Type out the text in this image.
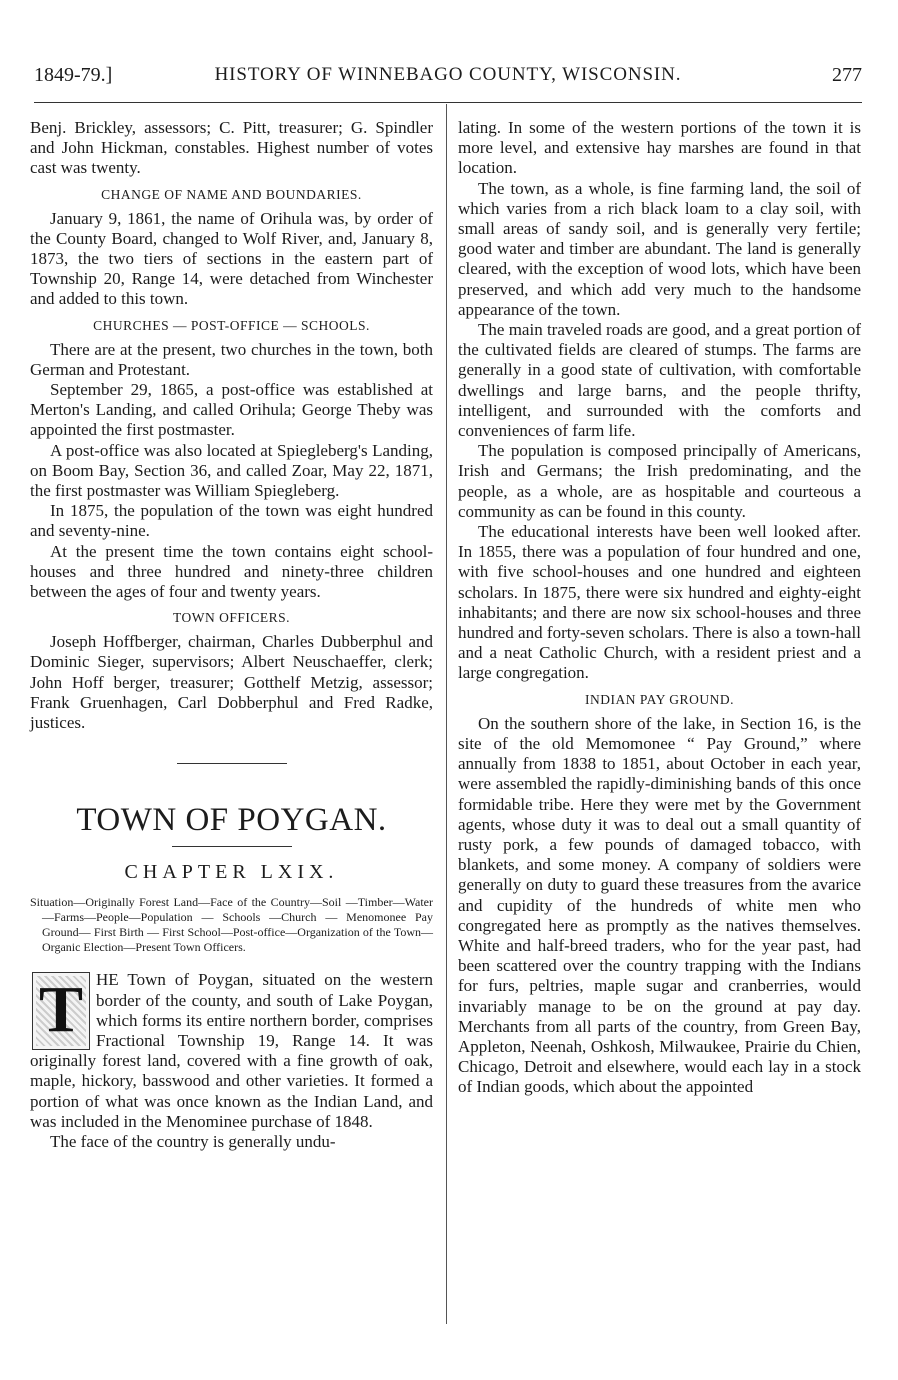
1849-79.]	HISTORY OF WINNEBAGO COUNTY, WISCONSIN.	277

Benj. Brickley, assessors; C. Pitt, treasurer; G. Spindler and John Hickman, constables. Highest number of votes cast was twenty.

CHANGE OF NAME AND BOUNDARIES.

January 9, 1861, the name of Orihula was, by order of the County Board, changed to Wolf River, and, January 8, 1873, the two tiers of sections in the eastern part of Township 20, Range 14, were detached from Winchester and added to this town.

CHURCHES — POST-OFFICE — SCHOOLS.

There are at the present, two churches in the town, both German and Protestant.

September 29, 1865, a post-office was established at Merton's Landing, and called Orihula; George Theby was appointed the first postmaster.

A post-office was also located at Spiegleberg's Landing, on Boom Bay, Section 36, and called Zoar, May 22, 1871, the first postmaster was William Spiegleberg.

In 1875, the population of the town was eight hundred and seventy-nine.

At the present time the town contains eight school-houses and three hundred and ninety-three children between the ages of four and twenty years.

TOWN OFFICERS.

Joseph Hoffberger, chairman, Charles Dubberphul and Dominic Sieger, supervisors; Albert Neuschaeffer, clerk; John Hoff berger, treasurer; Gotthelf Metzig, assessor; Frank Gruenhagen, Carl Dobberphul and Fred Radke, justices.

TOWN OF POYGAN.
CHAPTER LXIX.
Situation—Originally Forest Land—Face of the Country—Soil —Timber—Water—Farms—People—Population — Schools —Church — Menomonee Pay Ground— First Birth — First School—Post-office—Organization of the Town—Organic Election—Present Town Officers.
T HE Town of Poygan, situated on the western border of the county, and south of Lake Poygan, which forms its entire northern border, comprises Fractional Township 19, Range 14. It was originally forest land, covered with a fine growth of oak, maple, hickory, basswood and other varieties. It formed a portion of what was once known as the Indian Land, and was included in the Menominee purchase of 1848.

The face of the country is generally undu-

lating. In some of the western portions of the town it is more level, and extensive hay marshes are found in that location.

The town, as a whole, is fine farming land, the soil of which varies from a rich black loam to a clay soil, with small areas of sandy soil, and is generally very fertile; good water and timber are abundant. The land is generally cleared, with the exception of wood lots, which have been preserved, and which add very much to the handsome appearance of the town.

The main traveled roads are good, and a great portion of the cultivated fields are cleared of stumps. The farms are generally in a good state of cultivation, with comfortable dwellings and large barns, and the people thrifty, intelligent, and surrounded with the comforts and conveniences of farm life.

The population is composed principally of Americans, Irish and Germans; the Irish predominating, and the people, as a whole, are as hospitable and courteous a community as can be found in this county.

The educational interests have been well looked after. In 1855, there was a population of four hundred and one, with five school-houses and one hundred and eighteen scholars. In 1875, there were six hundred and eighty-eight inhabitants; and there are now six school-houses and three hundred and forty-seven scholars. There is also a town-hall and a neat Catholic Church, with a resident priest and a large congregation.

INDIAN PAY GROUND.

On the southern shore of the lake, in Section 16, is the site of the old Memomonee “ Pay Ground,” where annually from 1838 to 1851, about October in each year, were assembled the rapidly-diminishing bands of this once formidable tribe. Here they were met by the Government agents, whose duty it was to deal out a small quantity of rusty pork, a few pounds of damaged tobacco, with blankets, and some money. A company of soldiers were generally on duty to guard these treasures from the avarice and cupidity of the hundreds of white men who congregated here as promptly as the natives themselves. White and half-breed traders, who for the year past, had been scattered over the country trapping with the Indians for furs, peltries, maple sugar and cranberries, would invariably manage to be on the ground at pay day. Merchants from all parts of the country, from Green Bay, Appleton, Neenah, Oshkosh, Milwaukee, Prairie du Chien, Chicago, Detroit and elsewhere, would each lay in a stock of Indian goods, which about the appointed
